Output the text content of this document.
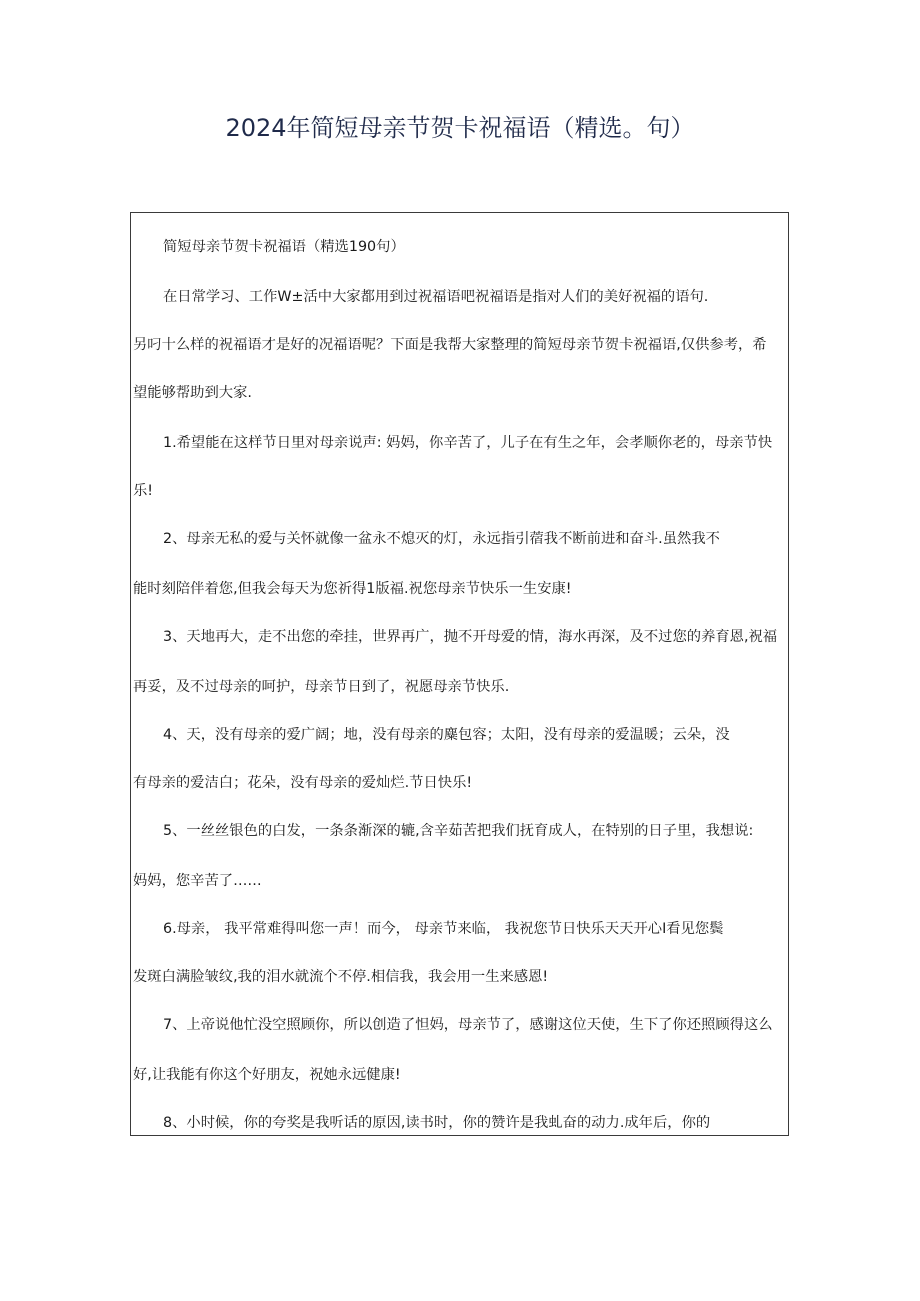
2024年简短母亲节贺卡祝福语（精选。句）
简短母亲节贺卡祝福语（精选190句）
在日常学习、工作W±活中大家都用到过祝福语吧祝福语是指对人们的美好祝福的语句.
另叼十么样的祝福语才是好的况福语呢？下面是我帮大家整理的简短母亲节贺卡祝福语,仅供参考，希
望能够帮助到大家.
1.希望能在这样节日里对母亲说声: 妈妈，你辛苦了，儿子在有生之年，会孝顺你老的，母亲节快
乐!
2、母亲无私的爱与关怀就像一盆永不熄灭的灯，永远指引蓿我不断前进和奋斗.虽然我不
能时刻陪伴着您,但我会每天为您祈得1版福.祝您母亲节快乐一生安康!
3、天地再大，走不出您的牵挂，世界再广，抛不开母爱的情，海水再深，及不过您的养育恩,祝福
再妥，及不过母亲的呵护，母亲节日到了，祝愿母亲节快乐.
4、天，没有母亲的爱广阔；地，没有母亲的麋包容；太阳，没有母亲的爱温暖；云朵，没
有母亲的爱洁白；花朵，没有母亲的爱灿烂.节日快乐!
5、一丝丝银色的白发，一条条渐深的辘,含辛茹苦把我们抚育成人，在特别的日子里，我想说:
妈妈，您辛苦了……
6.母亲， 我平常难得叫您一声！而今， 母亲节来临， 我祝您节日快乐天天开心I看见您鬓
发斑白满脸皱纹,我的泪水就流个不停.相信我，我会用一生来感恩!
7、上帝说他忙没空照顾你，所以创造了怛妈，母亲节了，感谢这位天使，生下了你还照顾得这么
好,让我能有你这个好朋友，祝她永远健康!
8、小时候，你的夸奖是我听话的原因,读书时，你的赞许是我虬奋的动力.成年后，你的
